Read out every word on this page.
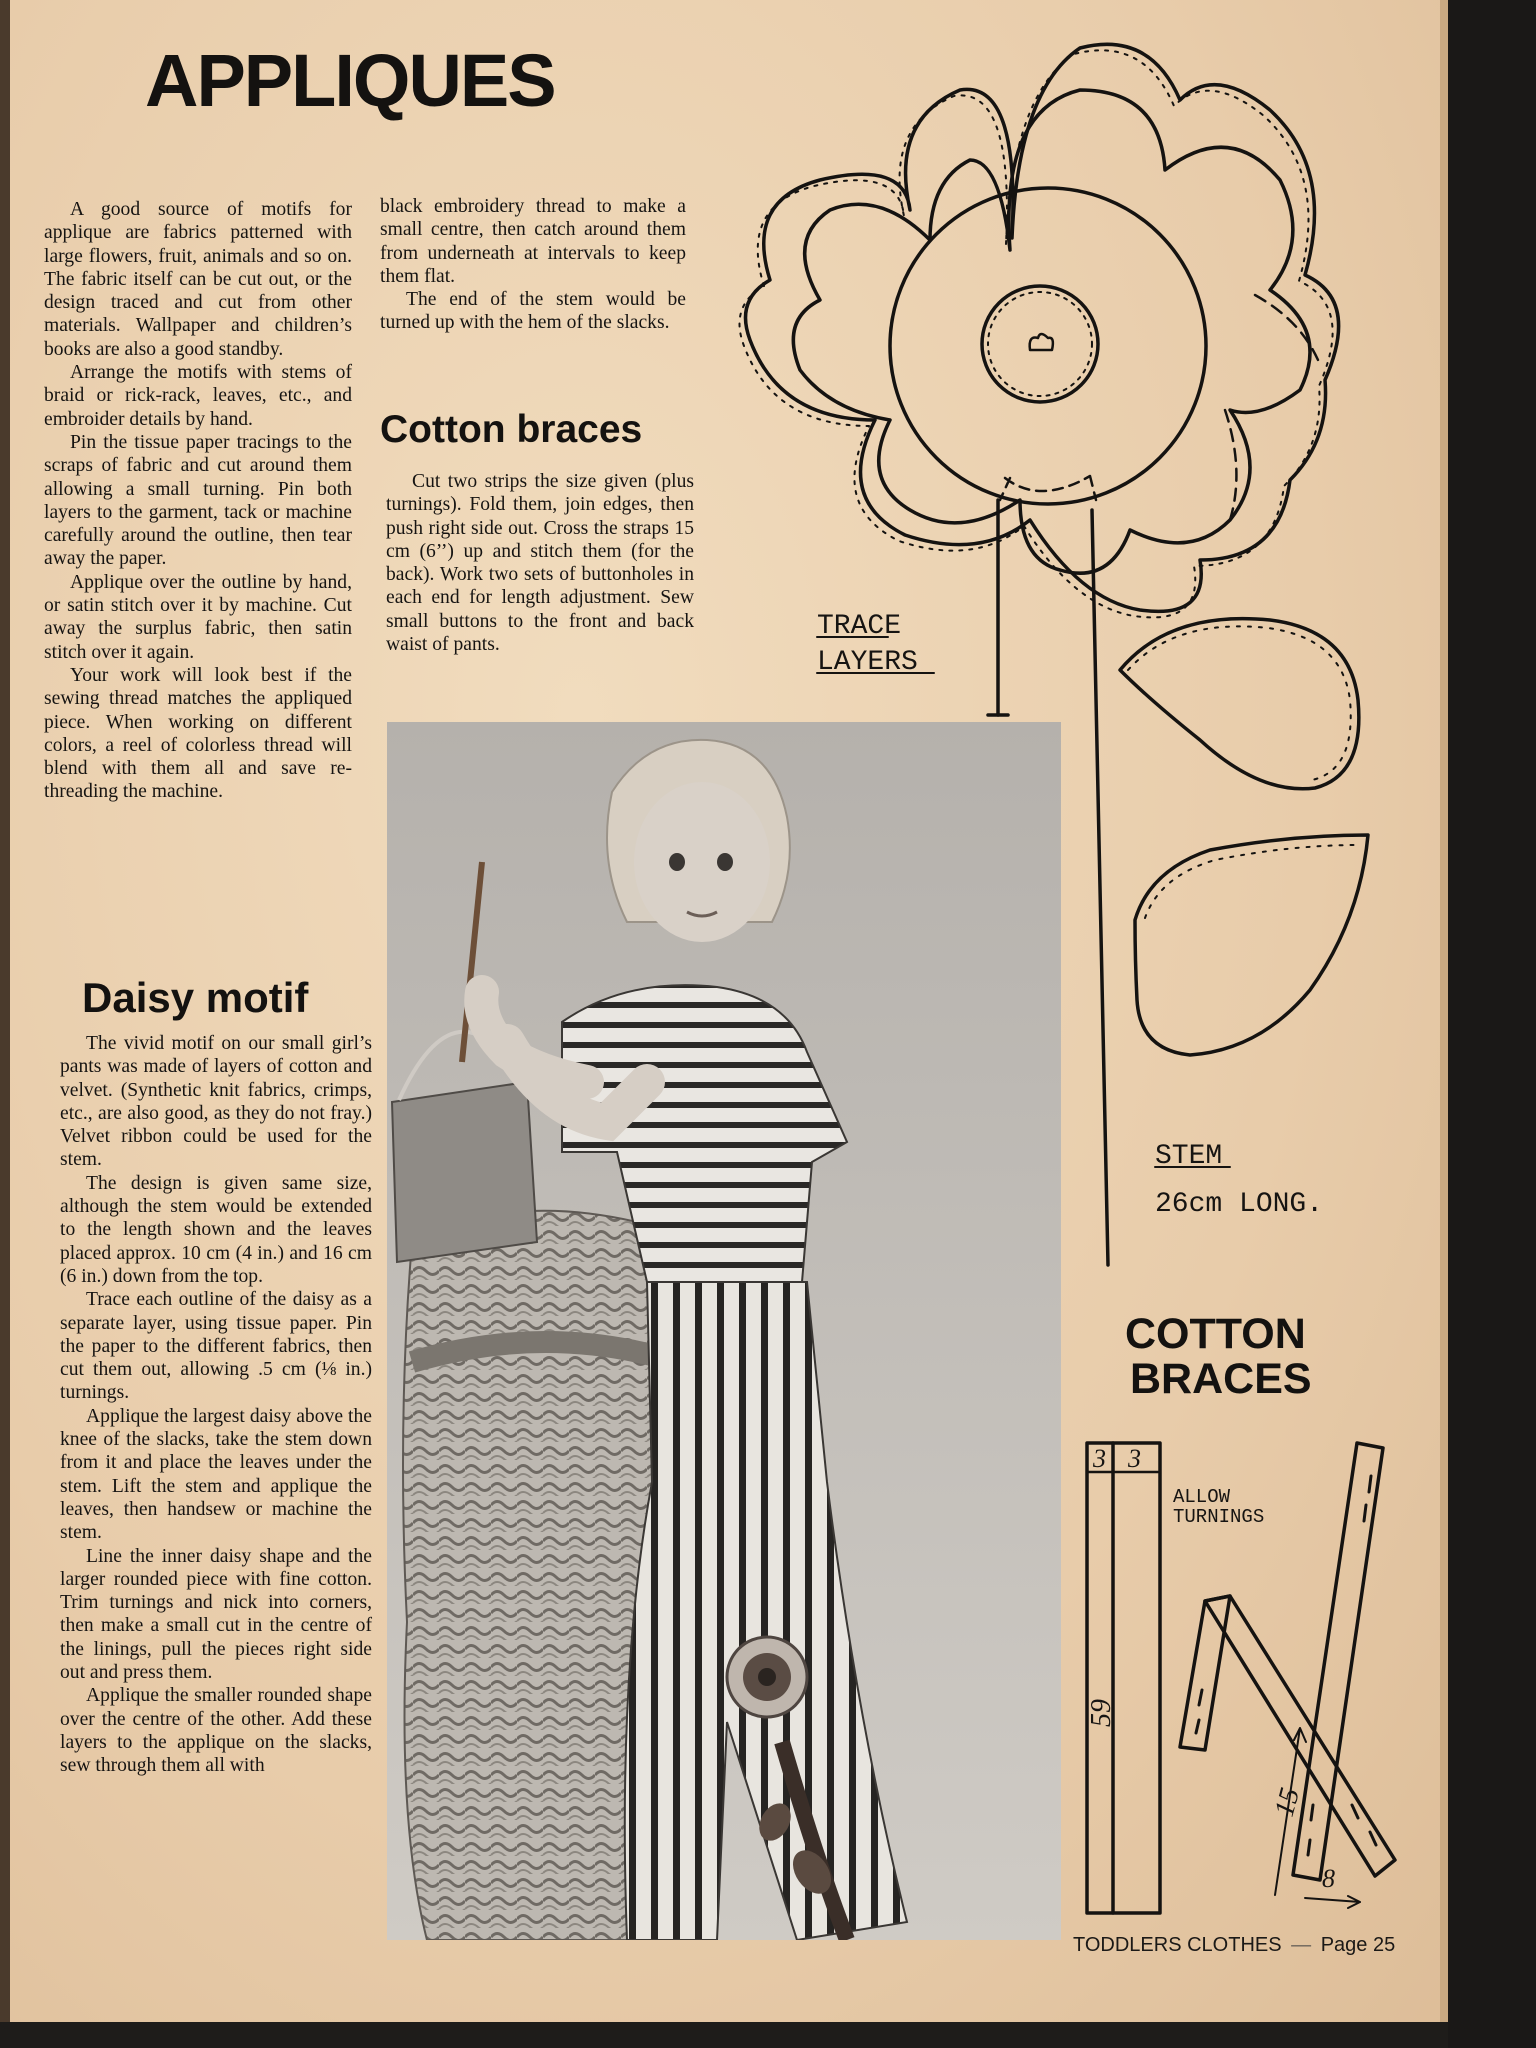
APPLIQUES

A good source of motifs for applique are fabrics patterned with large flowers, fruit, animals and so on. The fabric itself can be cut out, or the design traced and cut from other materials. Wallpaper and children’s books are also a good standby.

Arrange the motifs with stems of braid or rick-rack, leaves, etc., and embroider details by hand.

Pin the tissue paper tracings to the scraps of fabric and cut around them allowing a small turning. Pin both layers to the garment, tack or machine carefully around the outline, then tear away the paper.

Applique over the outline by hand, or satin stitch over it by machine. Cut away the surplus fabric, then satin stitch over it again.

Your work will look best if the sewing thread matches the appliqued piece. When working on different colors, a reel of colorless thread will blend with them all and save re-threading the machine.

Daisy motif

The vivid motif on our small girl’s pants was made of layers of cotton and velvet. (Synthetic knit fabrics, crimps, etc., are also good, as they do not fray.) Velvet ribbon could be used for the stem.

The design is given same size, although the stem would be extended to the length shown and the leaves placed approx. 10 cm (4 in.) and 16 cm (6 in.) down from the top.

Trace each outline of the daisy as a separate layer, using tissue paper. Pin the paper to the different fabrics, then cut them out, allowing .5 cm (⅛ in.) turnings.

Applique the largest daisy above the knee of the slacks, take the stem down from it and place the leaves under the stem. Lift the stem and applique the leaves, then handsew or machine the stem.

Line the inner daisy shape and the larger rounded piece with fine cotton. Trim turnings and nick into corners, then make a small cut in the centre of the linings, pull the pieces right side out and press them.

Applique the smaller rounded shape over the centre of the other. Add these layers to the applique on the slacks, sew through them all with

black embroidery thread to make a small centre, then catch around them from underneath at intervals to keep them flat.

The end of the stem would be turned up with the hem of the slacks.

Cotton braces

Cut two strips the size given (plus turnings). Fold them, join edges, then push right side out. Cross the straps 15 cm (6’’) up and stitch them (for the back). Work two sets of buttonholes in each end for length adjustment. Sew small buttons to the front and back waist of pants.

TRACE
LAYERS
STEM
26cm LONG.
COTTON
BRACES
ALLOW
TURNINGS
3 3
59
15
8
TODDLERS CLOTHES — Page 25
